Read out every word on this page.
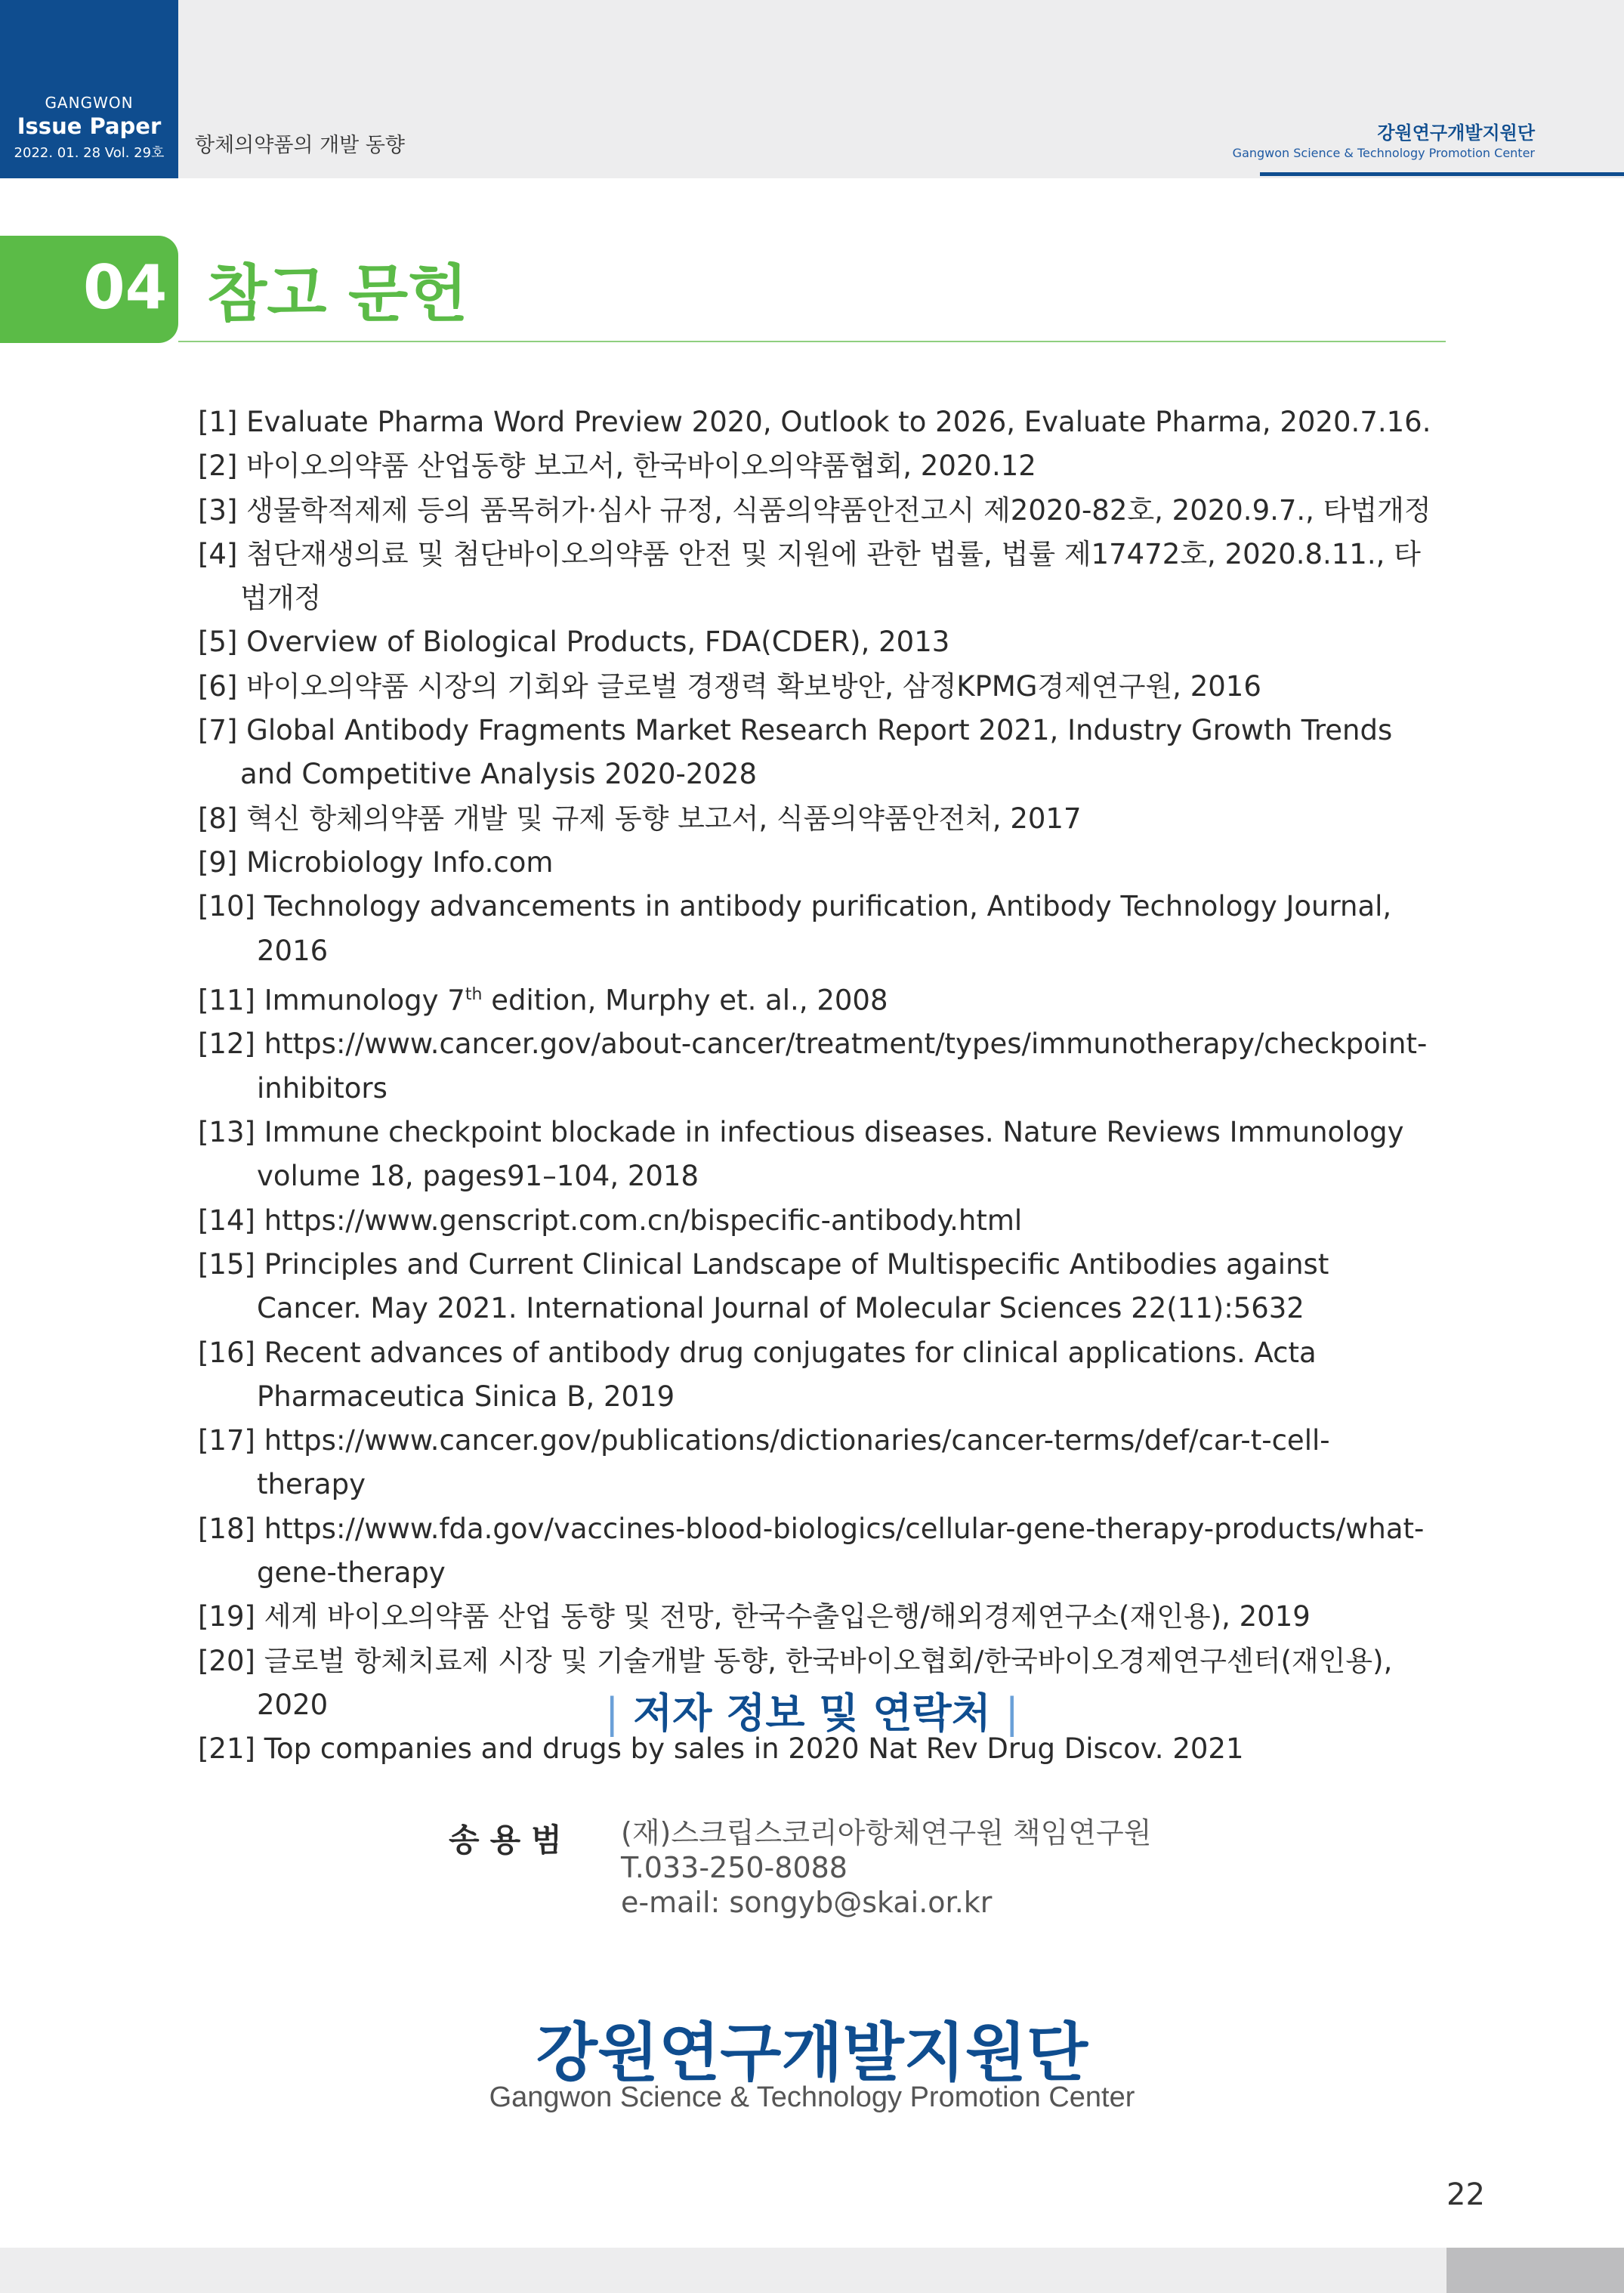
GANGWON
Issue Paper
2022. 01. 28 Vol. 29호	항체의약품의 개발 동향
강원연구개발지원단
Gangwon Science & Technology Promotion Center
04 참고 문헌
[1] Evaluate Pharma Word Preview 2020, Outlook to 2026, Evaluate Pharma, 2020.7.16.
[2] 바이오의약품 산업동향 보고서, 한국바이오의약품협회, 2020.12
[3] 생물학적제제 등의 품목허가·심사 규정, 식품의약품안전고시 제2020-82호, 2020.9.7., 타법개정
[4] 첨단재생의료 및 첨단바이오의약품 안전 및 지원에 관한 법률, 법률 제17472호, 2020.8.11., 타법개정
[5] Overview of Biological Products, FDA(CDER), 2013
[6] 바이오의약품 시장의 기회와 글로벌 경쟁력 확보방안, 삼정KPMG경제연구원, 2016
[7] Global Antibody Fragments Market Research Report 2021, Industry Growth Trends and Competitive Analysis 2020-2028
[8] 혁신 항체의약품 개발 및 규제 동향 보고서, 식품의약품안전처, 2017
[9] Microbiology Info.com
[10] Technology advancements in antibody purification, Antibody Technology Journal, 2016
[11] Immunology 7th edition, Murphy et. al., 2008
[12] https://www.cancer.gov/about-cancer/treatment/types/immunotherapy/checkpoint-inhibitors
[13] Immune checkpoint blockade in infectious diseases. Nature Reviews Immunology volume 18, pages91–104, 2018
[14] https://www.genscript.com.cn/bispecific-antibody.html
[15] Principles and Current Clinical Landscape of Multispecific Antibodies against Cancer. May 2021. International Journal of Molecular Sciences 22(11):5632
[16] Recent advances of antibody drug conjugates for clinical applications. Acta Pharmaceutica Sinica B, 2019
[17] https://www.cancer.gov/publications/dictionaries/cancer-terms/def/car-t-cell-therapy
[18] https://www.fda.gov/vaccines-blood-biologics/cellular-gene-therapy-products/what-gene-therapy
[19] 세계 바이오의약품 산업 동향 및 전망, 한국수출입은행/해외경제연구소(재인용), 2019
[20] 글로벌 항체치료제 시장 및 기술개발 동향, 한국바이오협회/한국바이오경제연구센터(재인용), 2020
[21] Top companies and drugs by sales in 2020 Nat Rev Drug Discov. 2021
| 저자 정보 및 연락처 |
송용범 (재)스크립스코리아항체연구원 책임연구원
T.033-250-8088
e-mail: songyb@skai.or.kr
강원연구개발지원단
Gangwon Science & Technology Promotion Center
22
